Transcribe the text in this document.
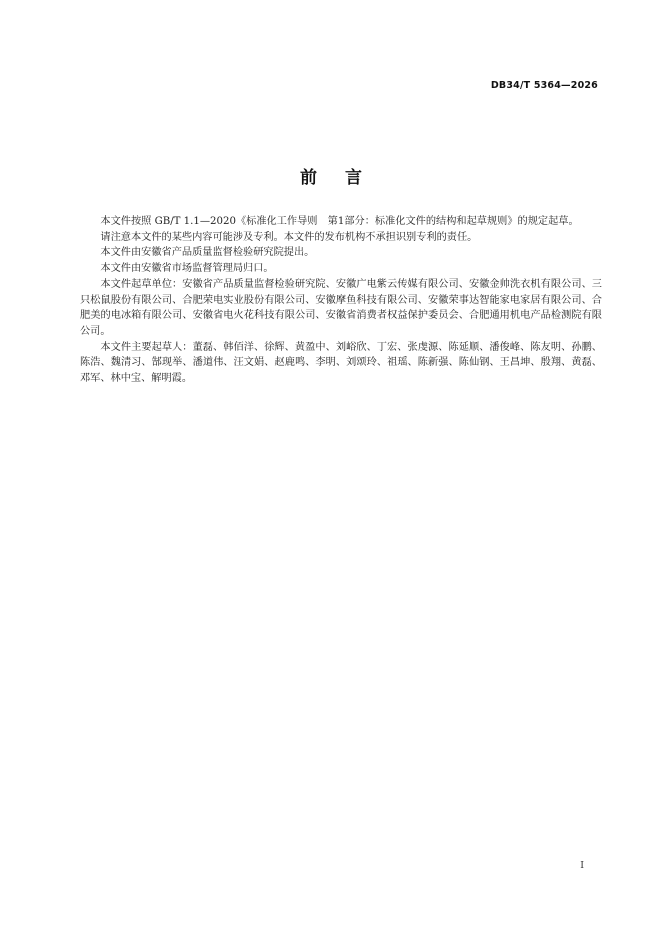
DB34/T 5364—2026
前言

本文件按照 GB/T 1.1—2020《标准化工作导则　第1部分：标准化文件的结构和起草规则》的规定起草。

请注意本文件的某些内容可能涉及专利。本文件的发布机构不承担识别专利的责任。

本文件由安徽省产品质量监督检验研究院提出。

本文件由安徽省市场监督管理局归口。

本文件起草单位：安徽省产品质量监督检验研究院、安徽广电紫云传媒有限公司、安徽金帅洗衣机有限公司、三只松鼠股份有限公司、合肥荣电实业股份有限公司、安徽摩鱼科技有限公司、安徽荣事达智能家电家居有限公司、合肥美的电冰箱有限公司、安徽省电火花科技有限公司、安徽省消费者权益保护委员会、合肥通用机电产品检测院有限公司。

本文件主要起草人：董磊、韩佰洋、徐辉、黄盈中、刘峪欣、丁宏、张虔源、陈延顺、潘俊峰、陈友明、孙鹏、陈浩、魏清习、郜现举、潘道伟、汪文娟、赵鹿鸣、李明、刘颂玲、祖瑶、陈新强、陈仙钢、王昌坤、殷翔、黄磊、邓军、林中宝、解明霞。

I
